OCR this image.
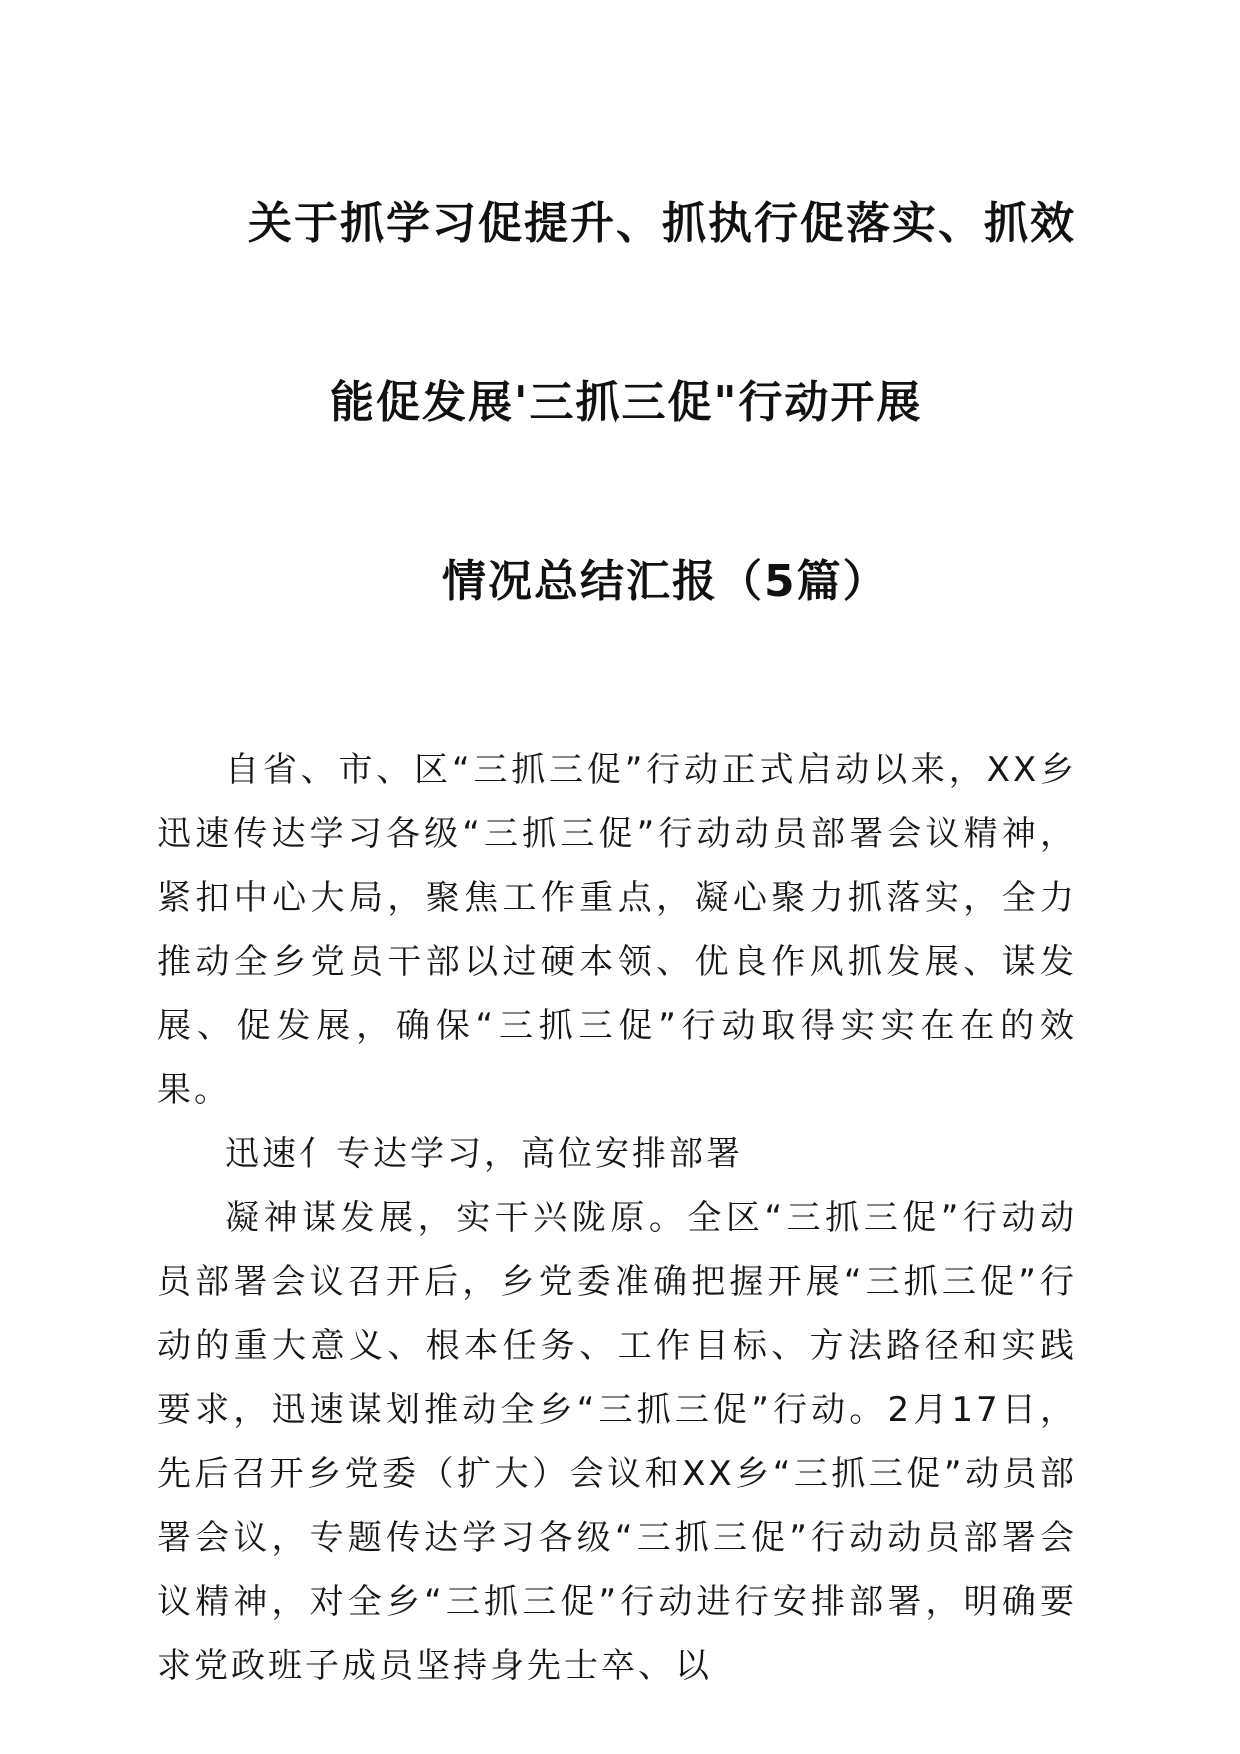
关于抓学习促提升、抓执行促落实、抓效
能促发展'三抓三促"行动开展
情况总结汇报（5篇）

自省、市、区“三抓三促”行动正式启动以来，XX乡迅速传达学习各级“三抓三促”行动动员部署会议精神，紧扣中心大局，聚焦工作重点，凝心聚力抓落实，全力推动全乡党员干部以过硬本领、优良作风抓发展、谋发展、促发展，确保“三抓三促”行动取得实实在在的效果。

迅速亻专达学习，高位安排部署

凝神谋发展，实干兴陇原。全区“三抓三促”行动动员部署会议召开后，乡党委准确把握开展“三抓三促”行动的重大意义、根本任务、工作目标、方法路径和实践要求，迅速谋划推动全乡“三抓三促”行动。2月17日，先后召开乡党委（扩大）会议和XX乡“三抓三促”动员部署会议，专题传达学习各级“三抓三促”行动动员部署会议精神，对全乡“三抓三促”行动进行安排部署，明确要求党政班子成员坚持身先士卒、以
